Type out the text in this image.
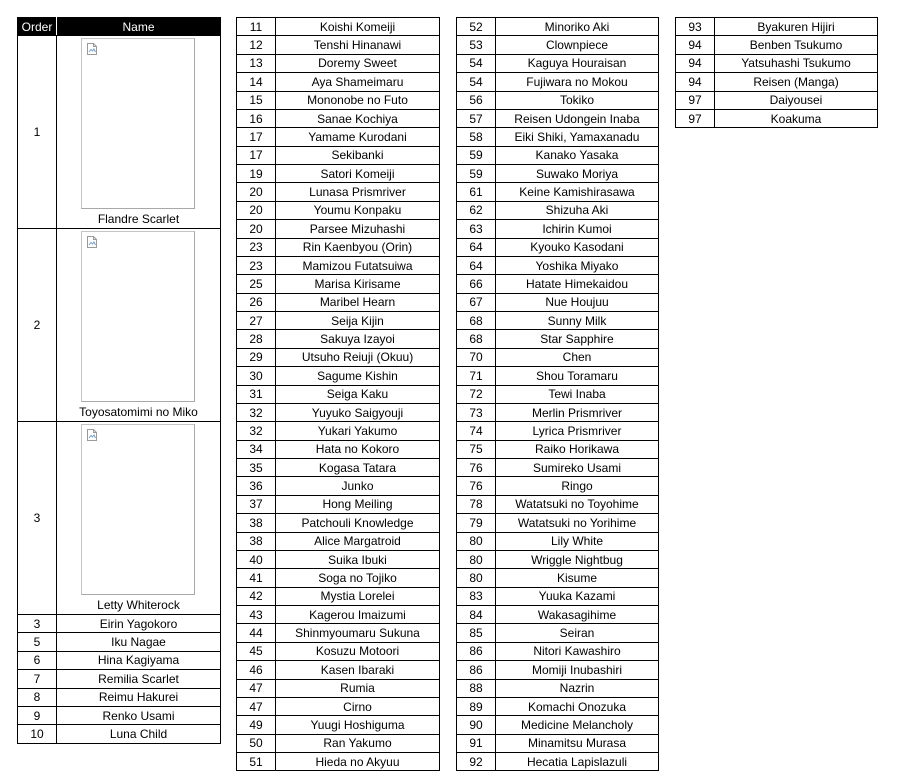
Order	Name
1	Flandre Scarlet

2	Toyosatomimi no Miko

3	Letty Whiterock

3	Eirin Yagokoro
5	Iku Nagae
6	Hina Kagiyama
7	Remilia Scarlet
8	Reimu Hakurei
9	Renko Usami
10	Luna Child
11	Koishi Komeiji
12	Tenshi Hinanawi
13	Doremy Sweet
14	Aya Shameimaru
15	Mononobe no Futo
16	Sanae Kochiya
17	Yamame Kurodani
17	Sekibanki
19	Satori Komeiji
20	Lunasa Prismriver
20	Youmu Konpaku
20	Parsee Mizuhashi
23	Rin Kaenbyou (Orin)
23	Mamizou Futatsuiwa
25	Marisa Kirisame
26	Maribel Hearn
27	Seija Kijin
28	Sakuya Izayoi
29	Utsuho Reiuji (Okuu)
30	Sagume Kishin
31	Seiga Kaku
32	Yuyuko Saigyouji
32	Yukari Yakumo
34	Hata no Kokoro
35	Kogasa Tatara
36	Junko
37	Hong Meiling
38	Patchouli Knowledge
38	Alice Margatroid
40	Suika Ibuki
41	Soga no Tojiko
42	Mystia Lorelei
43	Kagerou Imaizumi
44	Shinmyoumaru Sukuna
45	Kosuzu Motoori
46	Kasen Ibaraki
47	Rumia
47	Cirno
49	Yuugi Hoshiguma
50	Ran Yakumo
51	Hieda no Akyuu
52	Minoriko Aki
53	Clownpiece
54	Kaguya Houraisan
54	Fujiwara no Mokou
56	Tokiko
57	Reisen Udongein Inaba
58	Eiki Shiki, Yamaxanadu
59	Kanako Yasaka
59	Suwako Moriya
61	Keine Kamishirasawa
62	Shizuha Aki
63	Ichirin Kumoi
64	Kyouko Kasodani
64	Yoshika Miyako
66	Hatate Himekaidou
67	Nue Houjuu
68	Sunny Milk
68	Star Sapphire
70	Chen
71	Shou Toramaru
72	Tewi Inaba
73	Merlin Prismriver
74	Lyrica Prismriver
75	Raiko Horikawa
76	Sumireko Usami
76	Ringo
78	Watatsuki no Toyohime
79	Watatsuki no Yorihime
80	Lily White
80	Wriggle Nightbug
80	Kisume
83	Yuuka Kazami
84	Wakasagihime
85	Seiran
86	Nitori Kawashiro
86	Momiji Inubashiri
88	Nazrin
89	Komachi Onozuka
90	Medicine Melancholy
91	Minamitsu Murasa
92	Hecatia Lapislazuli
93	Byakuren Hijiri
94	Benben Tsukumo
94	Yatsuhashi Tsukumo
94	Reisen (Manga)
97	Daiyousei
97	Koakuma
